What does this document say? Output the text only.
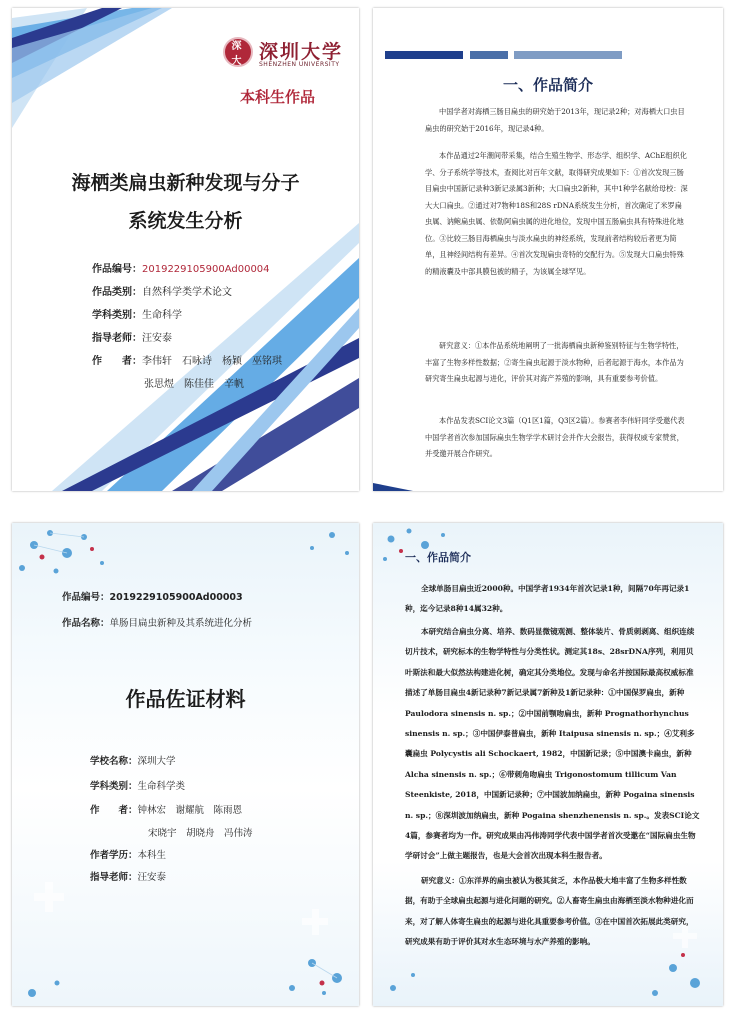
深大 深圳大学
SHENZHEN UNIVERSITY
本科生作品
海栖类扁虫新种发现与分子
系统发生分析
作品编号：2019229105900Ad00004
作品类别：自然科学类学术论文
学科类别：生命科学
指导老师：汪安泰
作　　者：李伟轩　石咏诗　杨颖　巫铭琪
张思煜　陈佳佳　辛帆
一、作品简介

中国学者对海栖三肠目扁虫的研究始于2013年，现记录2种；对海栖大口虫目扁虫的研究始于2016年，现记录4种。

本作品通过2年潮间带采集，结合生殖生物学、形态学、组织学、AChE组织化学、分子系统学等技术，查阅比对百年文献，取得研究成果如下：①首次发现三肠目扁虫中国新记录种3新记录属3新种；大口扁虫2新种，其中1种学名献给母校：深大大口扁虫。②通过对7物种18S和28S rDNA系统发生分析，首次确定了米罗扁虫属、讷鲍扁虫属、依勒阿扁虫属的进化地位，发现中国五肠扁虫具有特殊进化地位。③比较三肠目海栖扁虫与淡水扁虫的神经系统，发现前者结构较后者更为简单，且神经间结构有差异。④首次发现扁虫奇特的交配行为。⑤发现大口扁虫特殊的精液囊及中部具膜包被的精子，为该属全球罕见。

研究意义：①本作品系统地阐明了一批海栖扁虫新种鉴别特征与生物学特性，丰富了生物多样性数据；②寄生扁虫起源于淡水物种，后者起源于海水，本作品为研究寄生扁虫起源与进化，评价其对海产养殖的影响，具有重要参考价值。

本作品发表SCI论文3篇（Q1区1篇，Q3区2篇）。参赛者李伟轩同学受邀代表中国学者首次参加国际扁虫生物学学术研讨会并作大会报告，获得权威专家赞赏，并受邀开展合作研究。

作品编号：2019229105900Ad00003
作品名称：单肠目扁虫新种及其系统进化分析
作品佐证材料
学校名称：深圳大学
学科类别：生命科学类
作　　者：钟林宏　谢耀航　陈雨恩
宋晓宇　胡晓舟　冯伟涛
作者学历：本科生
指导老师：汪安泰
一、作品简介

全球单肠目扁虫近2000种。中国学者1934年首次记录1种，间隔70年再记录1种，迄今记录8种14属32种。

本研究结合扁虫分离、培养、数码显微镜观测、整体装片、骨质刺剥离、组织连续切片技术，研究标本的生物学特性与分类性状。测定其18s、28srDNA序列，利用贝叶斯法和最大似然法构建进化树，确定其分类地位。发现与命名并按国际最高权威标准描述了单肠目扁虫4新记录种7新记录属7新种及1新记录种：①中国保罗扁虫，新种 Paulodora sinensis n. sp.；②中国前颚吻扁虫，新种 Prognathorhynchus sinensis n. sp.；③中国伊泰普扁虫，新种 Itaipusa sinensis n. sp.；④艾利多囊扁虫 Polycystis ali Schockaert, 1982，中国新记录；⑤中国澳卡扁虫，新种 Alcha sinensis n. sp.；⑥带刺角吻扁虫 Trigonostomum tillicum Van Steenkiste, 2018，中国新记录种；⑦中国波加纳扁虫，新种 Pogaina sinensis n. sp.；⑧深圳波加纳扁虫，新种 Pogaina shenzhenensis n. sp.。发表SCI论文4篇，参赛者均为一作。研究成果由冯伟涛同学代表中国学者首次受邀在“国际扁虫生物学研讨会”上做主题报告，也是大会首次出现本科生报告者。

研究意义：①东洋界的扁虫被认为极其贫乏，本作品极大地丰富了生物多样性数据，有助于全球扁虫起源与进化问题的研究。②人畜寄生扁虫由海栖至淡水物种进化而来，对了解人体寄生扁虫的起源与进化具重要参考价值。③在中国首次拓展此类研究，研究成果有助于评价其对水生态环境与水产养殖的影响。
